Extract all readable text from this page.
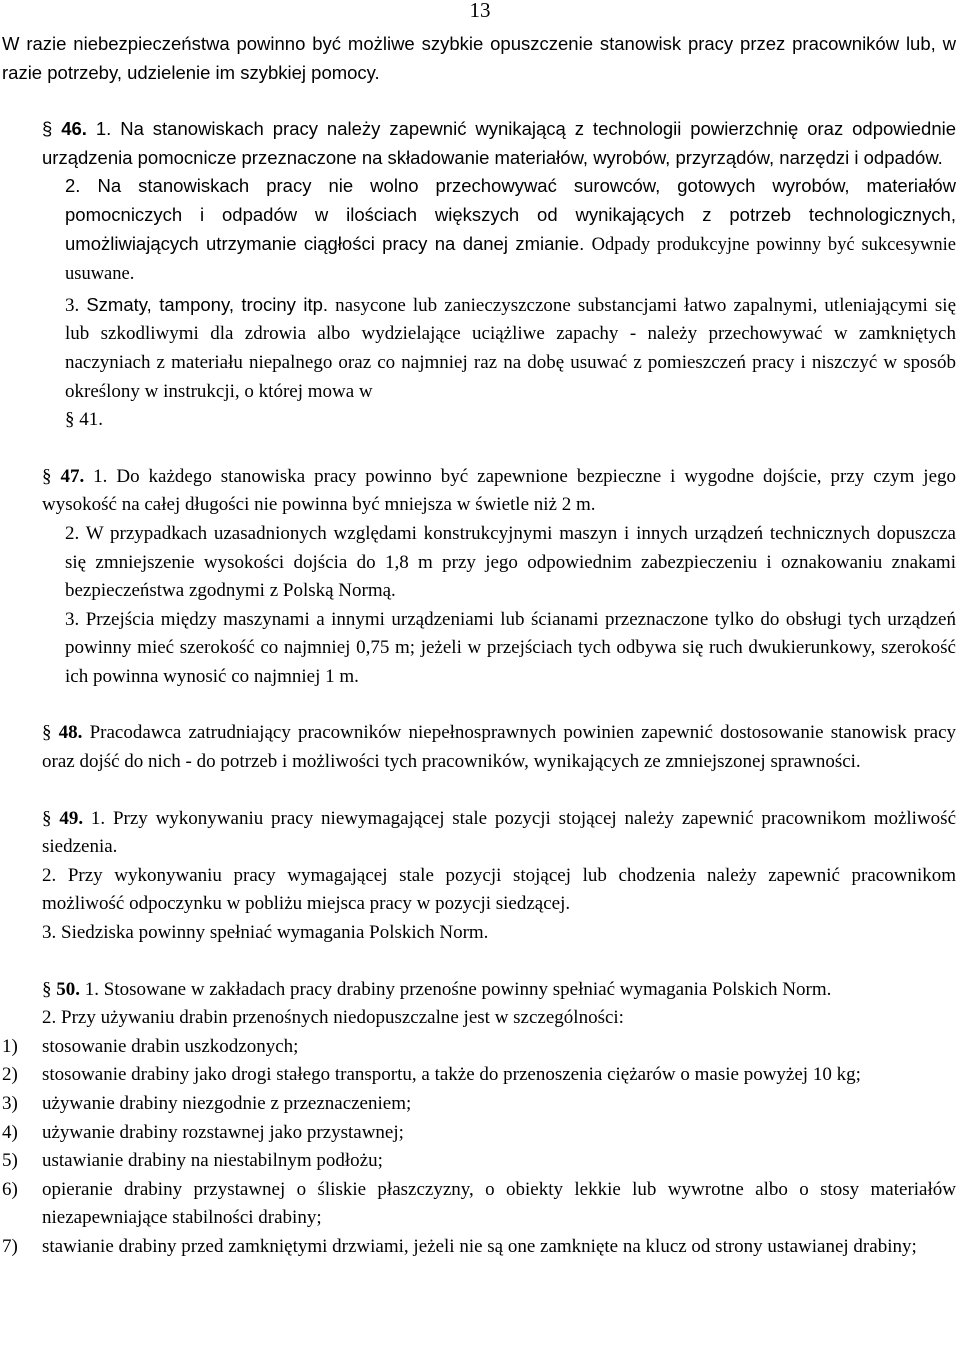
13

W razie niebezpieczeństwa powinno być możliwe szybkie opuszczenie stanowisk pracy przez pracowników lub, w razie potrzeby, udzielenie im szybkiej pomocy.

§ 46. 1. Na stanowiskach pracy należy zapewnić wynikającą z technologii powierzchnię oraz odpowiednie urządzenia pomocnicze przeznaczone na składowanie materiałów, wyrobów, przyrządów, narzędzi i odpadów.

2. Na stanowiskach pracy nie wolno przechowywać surowców, gotowych wyrobów, materiałów pomocniczych i odpadów w ilościach większych od wynikających z potrzeb technologicznych, umożliwiających utrzymanie ciągłości pracy na danej zmianie. Odpady produkcyjne powinny być sukcesywnie usuwane.

3. Szmaty, tampony, trociny itp. nasycone lub zanieczyszczone substancjami łatwo zapalnymi, utleniającymi się lub szkodliwymi dla zdrowia albo wydzielające uciążliwe zapachy - należy przechowywać w zamkniętych naczyniach z materiału niepalnego oraz co najmniej raz na dobę usuwać z pomieszczeń pracy i niszczyć w sposób określony w instrukcji, o której mowa w
§ 41.

§ 47. 1. Do każdego stanowiska pracy powinno być zapewnione bezpieczne i wygodne dojście, przy czym jego wysokość na całej długości nie powinna być mniejsza w świetle niż 2 m.

2. W przypadkach uzasadnionych względami konstrukcyjnymi maszyn i innych urządzeń technicznych dopuszcza się zmniejszenie wysokości dojścia do 1,8 m przy jego odpowiednim zabezpieczeniu i oznakowaniu znakami bezpieczeństwa zgodnymi z Polską Normą.

3. Przejścia między maszynami a innymi urządzeniami lub ścianami przeznaczone tylko do obsługi tych urządzeń powinny mieć szerokość co najmniej 0,75 m; jeżeli w przejściach tych odbywa się ruch dwukierunkowy, szerokość ich powinna wynosić co najmniej 1 m.

§ 48. Pracodawca zatrudniający pracowników niepełnosprawnych powinien zapewnić dostosowanie stanowisk pracy oraz dojść do nich - do potrzeb i możliwości tych pracowników, wynikających ze zmniejszonej sprawności.

§ 49. 1. Przy wykonywaniu pracy niewymagającej stale pozycji stojącej należy zapewnić pracownikom możliwość siedzenia.

2. Przy wykonywaniu pracy wymagającej stale pozycji stojącej lub chodzenia należy zapewnić pracownikom możliwość odpoczynku w pobliżu miejsca pracy w pozycji siedzącej.

3. Siedziska powinny spełniać wymagania Polskich Norm.

§ 50. 1. Stosowane w zakładach pracy drabiny przenośne powinny spełniać wymagania Polskich Norm.

2. Przy używaniu drabin przenośnych niedopuszczalne jest w szczególności:

1)	stosowanie drabin uszkodzonych;
2)	stosowanie drabiny jako drogi stałego transportu, a także do przenoszenia ciężarów o masie powyżej 10 kg;
3)	używanie drabiny niezgodnie z przeznaczeniem;
4)	używanie drabiny rozstawnej jako przystawnej;
5)	ustawianie drabiny na niestabilnym podłożu;
6)	opieranie drabiny przystawnej o śliskie płaszczyzny, o obiekty lekkie lub wywrotne albo o stosy materiałów niezapewniające stabilności drabiny;
7)	stawianie drabiny przed zamkniętymi drzwiami, jeżeli nie są one zamknięte na klucz od strony ustawianej drabiny;
